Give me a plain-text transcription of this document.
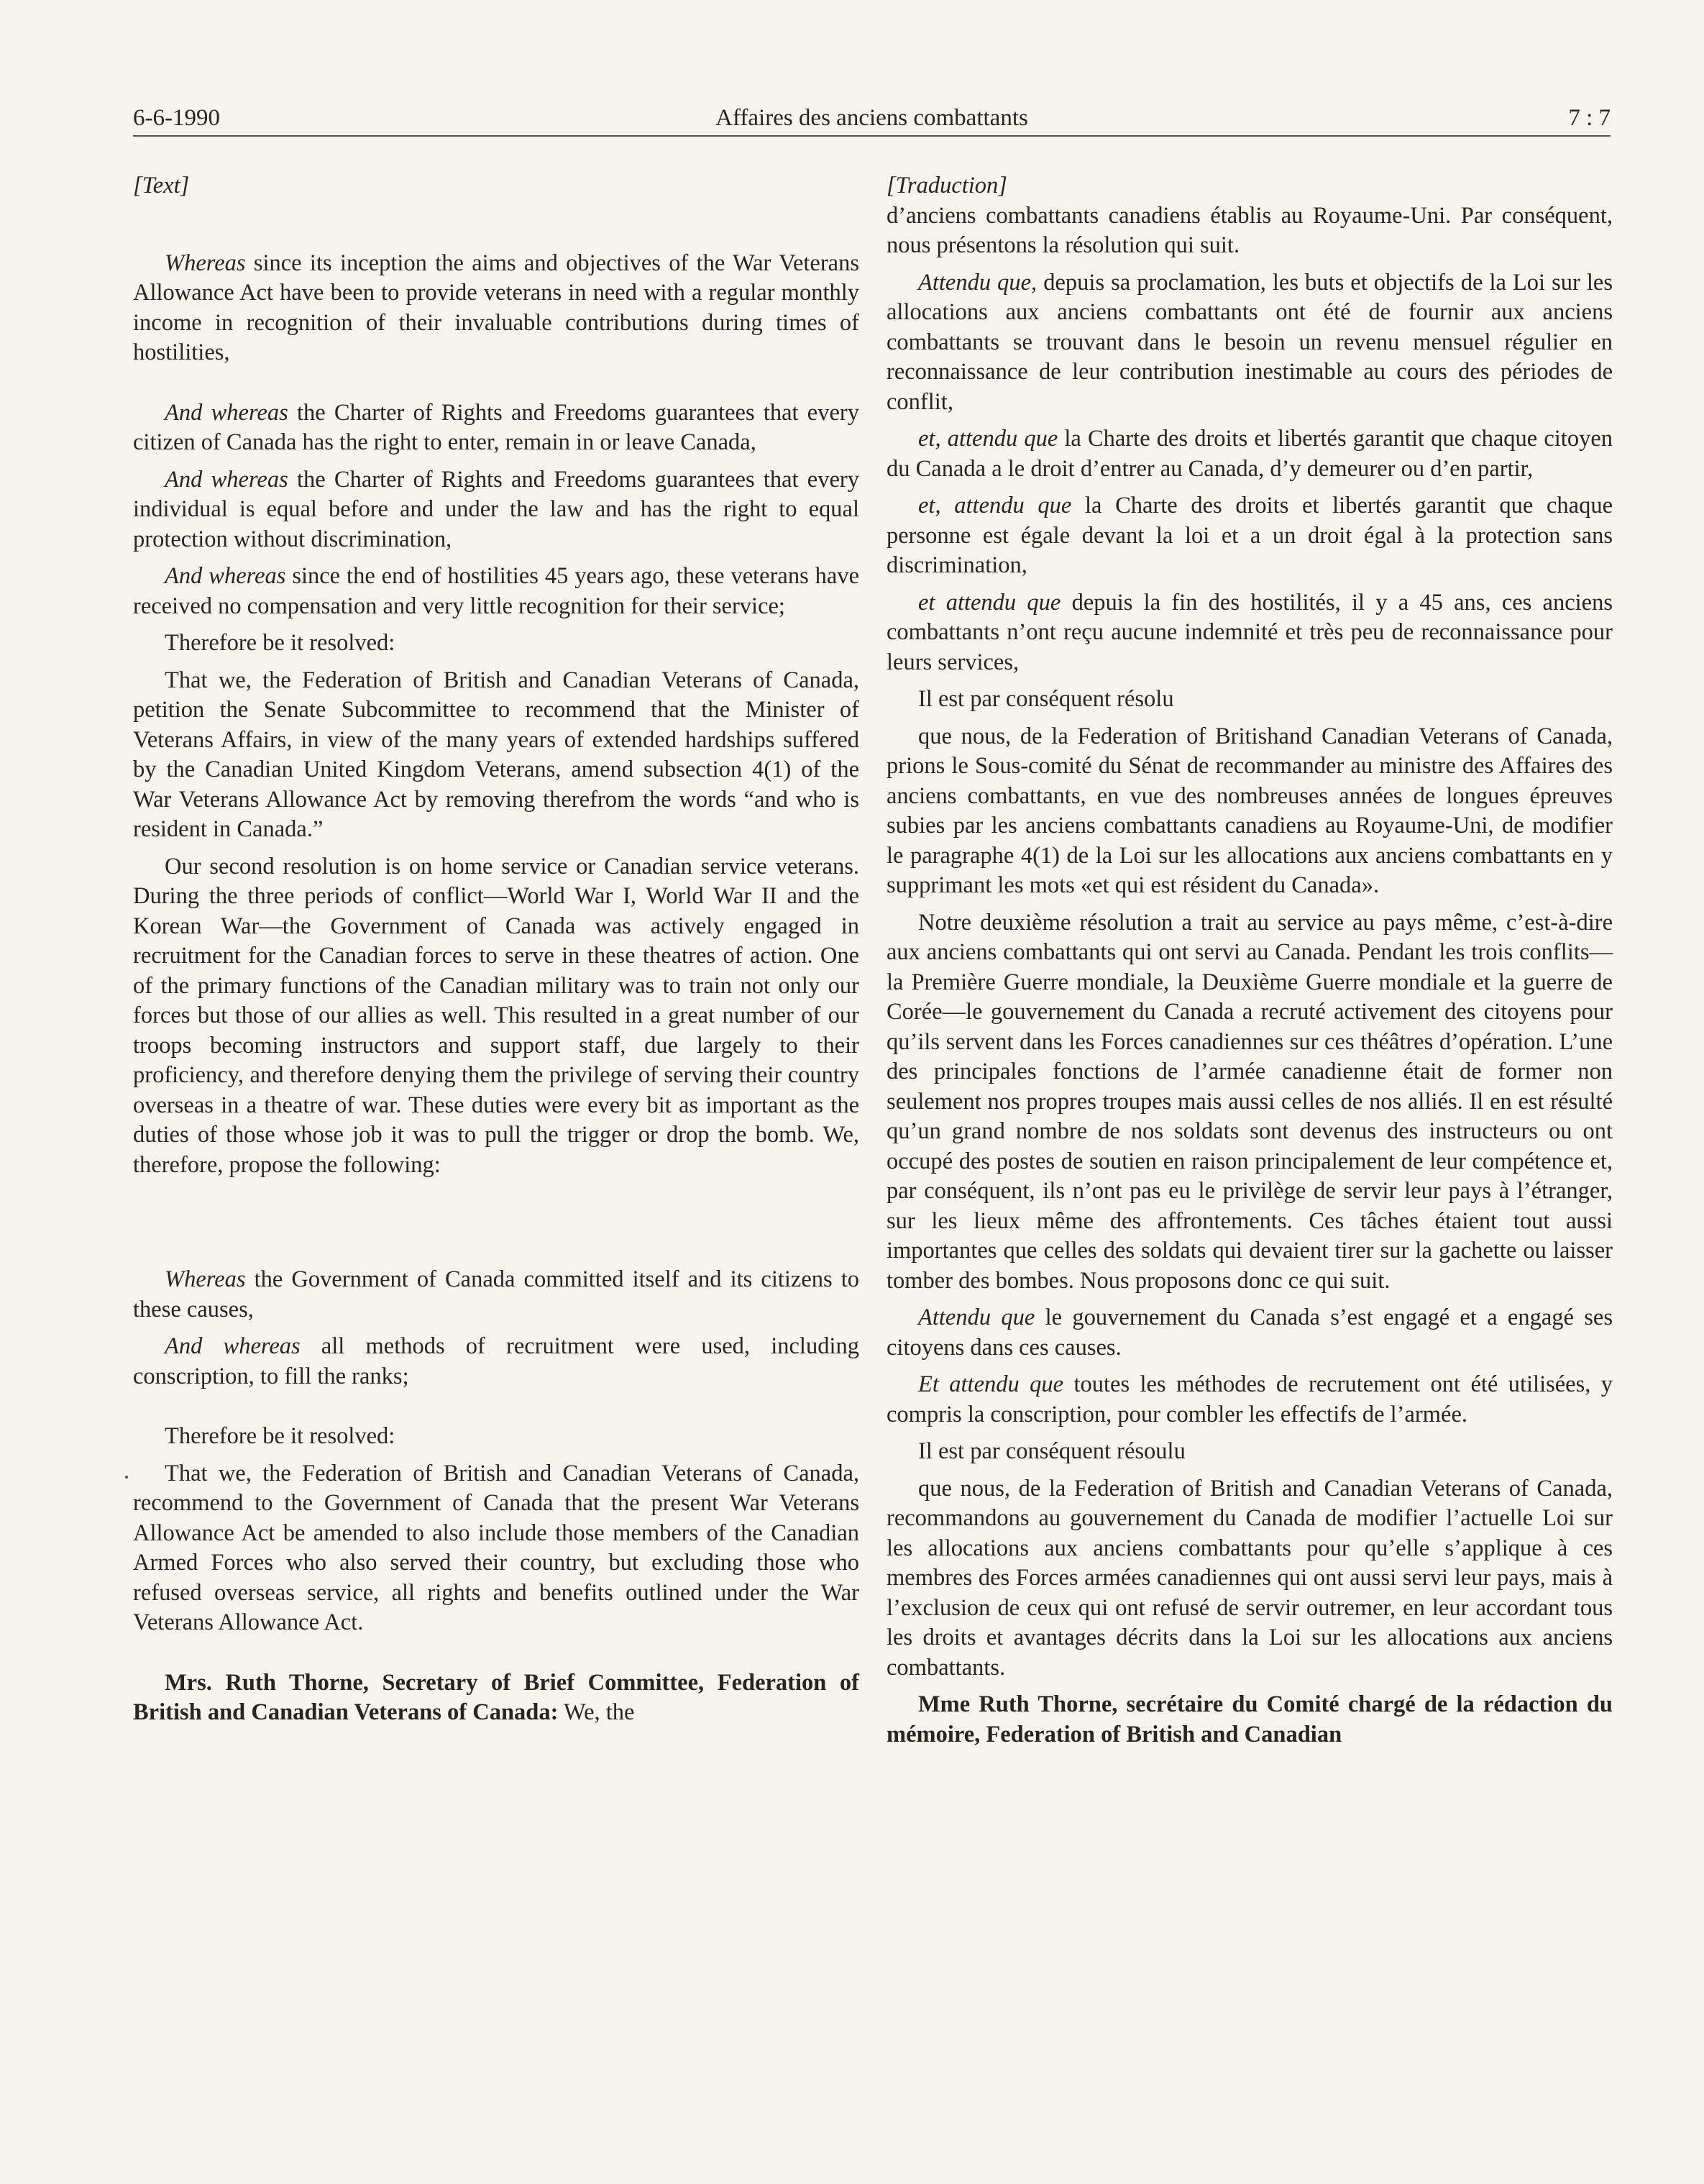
6-6-1990	Affaires des anciens combattants	7 : 7

[Text]

Whereas since its inception the aims and objectives of the War Veterans Allowance Act have been to provide veterans in need with a regular monthly income in recognition of their invaluable contributions during times of hostilities,

And whereas the Charter of Rights and Freedoms guarantees that every citizen of Canada has the right to enter, remain in or leave Canada,

And whereas the Charter of Rights and Freedoms guarantees that every individual is equal before and under the law and has the right to equal protection without discrimination,

And whereas since the end of hostilities 45 years ago, these veterans have received no compensation and very little recognition for their service;

Therefore be it resolved:

That we, the Federation of British and Canadian Veterans of Canada, petition the Senate Subcommittee to recommend that the Minister of Veterans Affairs, in view of the many years of extended hardships suffered by the Canadian United Kingdom Veterans, amend subsection 4(1) of the War Veterans Allowance Act by removing therefrom the words “and who is resident in Canada.”

Our second resolution is on home service or Canadian service veterans. During the three periods of conflict—World War I, World War II and the Korean War—the Government of Canada was actively engaged in recruitment for the Canadian forces to serve in these theatres of action. One of the primary functions of the Canadian military was to train not only our forces but those of our allies as well. This resulted in a great number of our troops becoming instructors and support staff, due largely to their proficiency, and therefore denying them the privilege of serving their country overseas in a theatre of war. These duties were every bit as important as the duties of those whose job it was to pull the trigger or drop the bomb. We, therefore, propose the following:

Whereas the Government of Canada committed itself and its citizens to these causes,

And whereas all methods of recruitment were used, including conscription, to fill the ranks;

Therefore be it resolved:

That we, the Federation of British and Canadian Veterans of Canada, recommend to the Government of Canada that the present War Veterans Allowance Act be amended to also include those members of the Canadian Armed Forces who also served their country, but excluding those who refused overseas service, all rights and benefits outlined under the War Veterans Allowance Act.

Mrs. Ruth Thorne, Secretary of Brief Committee, Federation of British and Canadian Veterans of Canada: We, the

[Traduction]

d’anciens combattants canadiens établis au Royaume-Uni. Par conséquent, nous présentons la résolution qui suit.

Attendu que, depuis sa proclamation, les buts et objectifs de la Loi sur les allocations aux anciens combattants ont été de fournir aux anciens combattants se trouvant dans le besoin un revenu mensuel régulier en reconnaissance de leur contribution inestimable au cours des périodes de conflit,

et, attendu que la Charte des droits et libertés garantit que chaque citoyen du Canada a le droit d’entrer au Canada, d’y demeurer ou d’en partir,

et, attendu que la Charte des droits et libertés garantit que chaque personne est égale devant la loi et a un droit égal à la protection sans discrimination,

et attendu que depuis la fin des hostilités, il y a 45 ans, ces anciens combattants n’ont reçu aucune indemnité et très peu de reconnaissance pour leurs services,

Il est par conséquent résolu

que nous, de la Federation of Britishand Canadian Veterans of Canada, prions le Sous-comité du Sénat de recommander au ministre des Affaires des anciens combattants, en vue des nombreuses années de longues épreuves subies par les anciens combattants canadiens au Royaume-Uni, de modifier le paragraphe 4(1) de la Loi sur les allocations aux anciens combattants en y supprimant les mots «et qui est résident du Canada».

Notre deuxième résolution a trait au service au pays même, c’est-à-dire aux anciens combattants qui ont servi au Canada. Pendant les trois conflits—la Première Guerre mondiale, la Deuxième Guerre mondiale et la guerre de Corée—le gouvernement du Canada a recruté activement des citoyens pour qu’ils servent dans les Forces canadiennes sur ces théâtres d’opération. L’une des principales fonctions de l’armée canadienne était de former non seulement nos propres troupes mais aussi celles de nos alliés. Il en est résulté qu’un grand nombre de nos soldats sont devenus des instructeurs ou ont occupé des postes de soutien en raison principalement de leur compétence et, par conséquent, ils n’ont pas eu le privilège de servir leur pays à l’étranger, sur les lieux même des affrontements. Ces tâches étaient tout aussi importantes que celles des soldats qui devaient tirer sur la gachette ou laisser tomber des bombes. Nous proposons donc ce qui suit.

Attendu que le gouvernement du Canada s’est engagé et a engagé ses citoyens dans ces causes.

Et attendu que toutes les méthodes de recrutement ont été utilisées, y compris la conscription, pour combler les effectifs de l’armée.

Il est par conséquent résoulu

que nous, de la Federation of British and Canadian Veterans of Canada, recommandons au gouvernement du Canada de modifier l’actuelle Loi sur les allocations aux anciens combattants pour qu’elle s’applique à ces membres des Forces armées canadiennes qui ont aussi servi leur pays, mais à l’exclusion de ceux qui ont refusé de servir outremer, en leur accordant tous les droits et avantages décrits dans la Loi sur les allocations aux anciens combattants.

Mme Ruth Thorne, secrétaire du Comité chargé de la rédaction du mémoire, Federation of British and Canadian
